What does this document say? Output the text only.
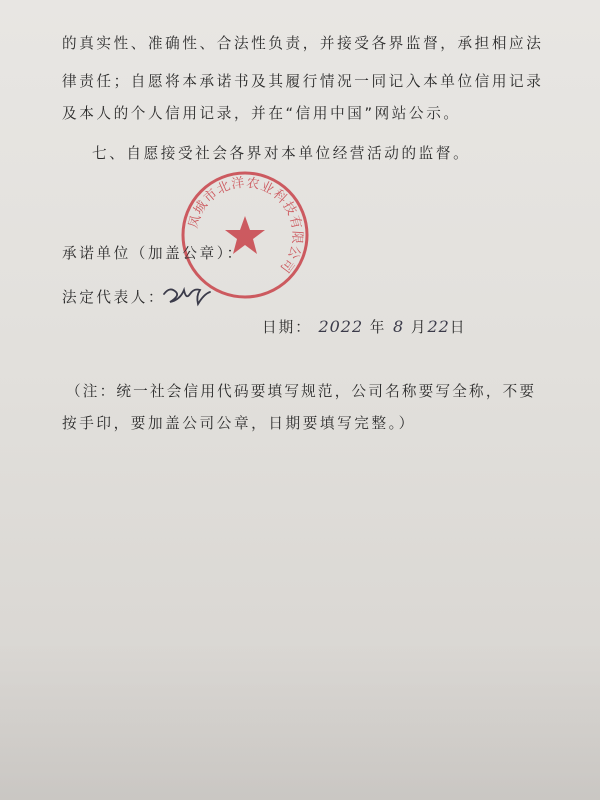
的真实性、准确性、合法性负责，并接受各界监督，承担相应法
律责任；自愿将本承诺书及其履行情况一同记入本单位信用记录
及本人的个人信用记录，并在“信用中国”网站公示。
七、自愿接受社会各界对本单位经营活动的监督。
凤城市北洋农业科技有限公司
承诺单位（加盖公章）：
法定代表人：
日期： 2022 年 8 月22日
（注：统一社会信用代码要填写规范，公司名称要写全称，不要
按手印，要加盖公司公章，日期要填写完整。）
